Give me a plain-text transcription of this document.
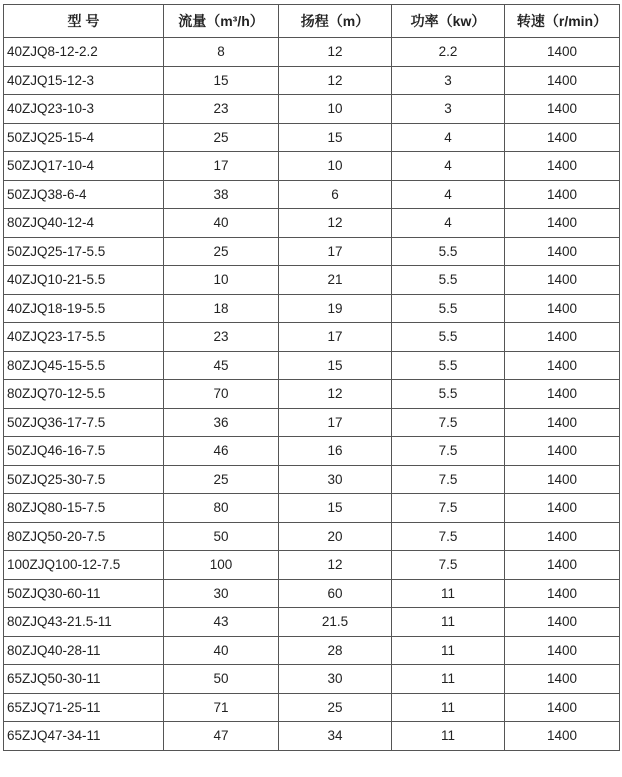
型 号	流量（m³/h）	扬程（m）	功率（kw）	转速（r/min）
40ZJQ8-12-2.2	8	12	2.2	1400
40ZJQ15-12-3	15	12	3	1400
40ZJQ23-10-3	23	10	3	1400
50ZJQ25-15-4	25	15	4	1400
50ZJQ17-10-4	17	10	4	1400
50ZJQ38-6-4	38	6	4	1400
80ZJQ40-12-4	40	12	4	1400
50ZJQ25-17-5.5	25	17	5.5	1400
40ZJQ10-21-5.5	10	21	5.5	1400
40ZJQ18-19-5.5	18	19	5.5	1400
40ZJQ23-17-5.5	23	17	5.5	1400
80ZJQ45-15-5.5	45	15	5.5	1400
80ZJQ70-12-5.5	70	12	5.5	1400
50ZJQ36-17-7.5	36	17	7.5	1400
50ZJQ46-16-7.5	46	16	7.5	1400
50ZJQ25-30-7.5	25	30	7.5	1400
80ZJQ80-15-7.5	80	15	7.5	1400
80ZJQ50-20-7.5	50	20	7.5	1400
100ZJQ100-12-7.5	100	12	7.5	1400
50ZJQ30-60-11	30	60	11	1400
80ZJQ43-21.5-11	43	21.5	11	1400
80ZJQ40-28-11	40	28	11	1400
65ZJQ50-30-11	50	30	11	1400
65ZJQ71-25-11	71	25	11	1400
65ZJQ47-34-11	47	34	11	1400
